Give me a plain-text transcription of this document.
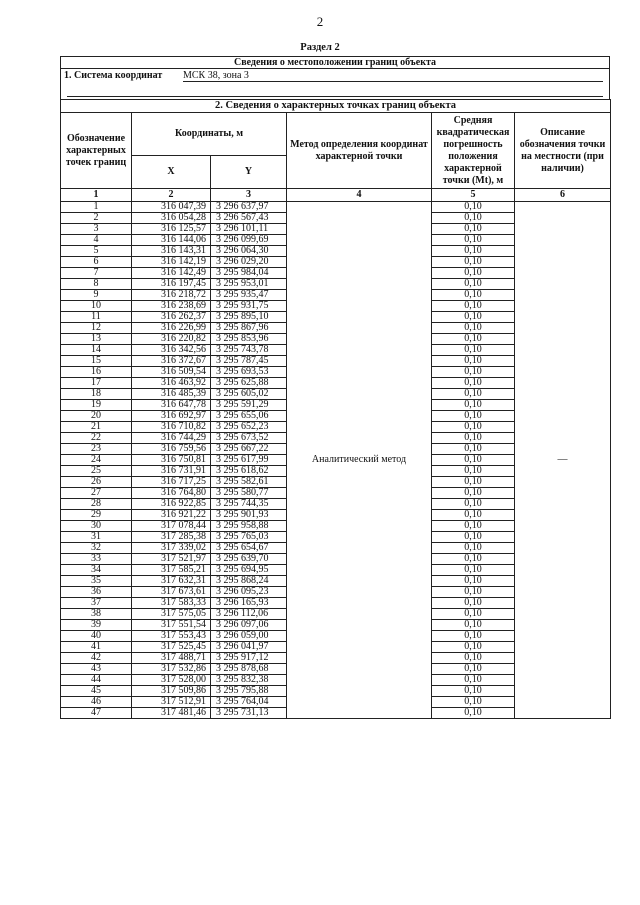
2
Раздел 2
Сведения о местоположении границ объекта
1. Система координат МСК 38, зона 3
2. Сведения о характерных точках границ объекта					
Обозначение характерных точек границ	Координаты, м		Метод определения координат характерной точки	Средняя квадратическая погрешность положения характерной точки (Mt), м	Описание обозначения точки на местности (при наличии)
	X	Y			
1	2	3	4	5	6
1	316 047,39	3 296 637,97	Аналитический метод	0,10	—
2	316 054,28	3 296 567,43		0,10	
3	316 125,57	3 296 101,11		0,10	
4	316 144,06	3 296 099,69		0,10	
5	316 143,31	3 296 064,30		0,10	
6	316 142,19	3 296 029,20		0,10	
7	316 142,49	3 295 984,04		0,10	
8	316 197,45	3 295 953,01		0,10	
9	316 218,72	3 295 935,47		0,10	
10	316 238,69	3 295 931,75		0,10	
11	316 262,37	3 295 895,10		0,10	
12	316 226,99	3 295 867,96		0,10	
13	316 220,82	3 295 853,96		0,10	
14	316 342,56	3 295 743,78		0,10	
15	316 372,67	3 295 787,45		0,10	
16	316 509,54	3 295 693,53		0,10	
17	316 463,92	3 295 625,88		0,10	
18	316 485,39	3 295 605,02		0,10	
19	316 647,78	3 295 591,29		0,10	
20	316 692,97	3 295 655,06		0,10	
21	316 710,82	3 295 652,23		0,10	
22	316 744,29	3 295 673,52		0,10	
23	316 759,56	3 295 667,22		0,10	
24	316 750,81	3 295 617,99		0,10	
25	316 731,91	3 295 618,62		0,10	
26	316 717,25	3 295 582,61		0,10	
27	316 764,80	3 295 580,77		0,10	
28	316 922,85	3 295 744,35		0,10	
29	316 921,22	3 295 901,93		0,10	
30	317 078,44	3 295 958,88		0,10	
31	317 285,38	3 295 765,03		0,10	
32	317 339,02	3 295 654,67		0,10	
33	317 521,97	3 295 639,70		0,10	
34	317 585,21	3 295 694,95		0,10	
35	317 632,31	3 295 868,24		0,10	
36	317 673,61	3 296 095,23		0,10	
37	317 583,33	3 296 165,93		0,10	
38	317 575,05	3 296 112,06		0,10	
39	317 551,54	3 296 097,06		0,10	
40	317 553,43	3 296 059,00		0,10	
41	317 525,45	3 296 041,97		0,10	
42	317 488,71	3 295 917,12		0,10	
43	317 532,86	3 295 878,68		0,10	
44	317 528,00	3 295 832,38		0,10	
45	317 509,86	3 295 795,88		0,10	
46	317 512,91	3 295 764,04		0,10	
47	317 481,46	3 295 731,13		0,10	
